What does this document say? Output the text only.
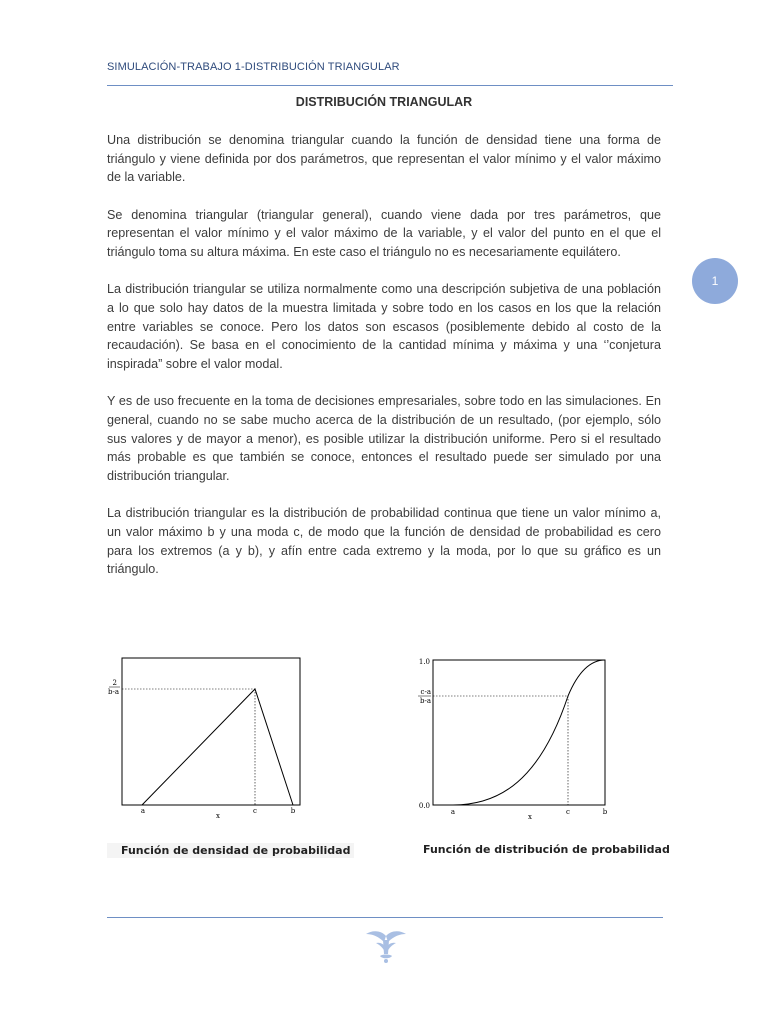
SIMULACIÓN-TRABAJO 1-DISTRIBUCIÓN TRIANGULAR
1
DISTRIBUCIÓN TRIANGULAR

Una distribución se denomina triangular cuando la función de densidad tiene una forma de triángulo y viene definida por dos parámetros, que representan el valor mínimo y el valor máximo de la variable.

Se denomina triangular (triangular general), cuando viene dada por tres parámetros, que representan el valor mínimo y el valor máximo de la variable, y el valor del punto en el que el triángulo toma su altura máxima. En este caso el triángulo no es necesariamente equilátero.

La distribución triangular se utiliza normalmente como una descripción subjetiva de una población a lo que solo hay datos de la muestra limitada y sobre todo en los casos en los que la relación entre variables se conoce. Pero los datos son escasos (posiblemente debido al costo de la recaudación). Se basa en el conocimiento de la cantidad mínima y máxima y una ‘’conjetura inspirada” sobre el valor modal.

Y es de uso frecuente en la toma de decisiones empresariales, sobre todo en las simulaciones. En general, cuando no se sabe mucho acerca de la distribución de un resultado, (por ejemplo, sólo sus valores y de mayor a menor), es posible utilizar la distribución uniforme. Pero si el resultado más probable es que también se conoce, entonces el resultado puede ser simulado por una distribución triangular.

La distribución triangular es la distribución de probabilidad continua que tiene un valor mínimo a, un valor máximo b y una moda c, de modo que la función de densidad de probabilidad es cero para los extremos (a y b), y afín entre cada extremo y la moda, por lo que su gráfico es un triángulo.

2
b-a
a
x
c	b
1.0
0.0
c-a
b-a
a
x
c	b
Función de densidad de probabilidad	Función de distribución de probabilidad
